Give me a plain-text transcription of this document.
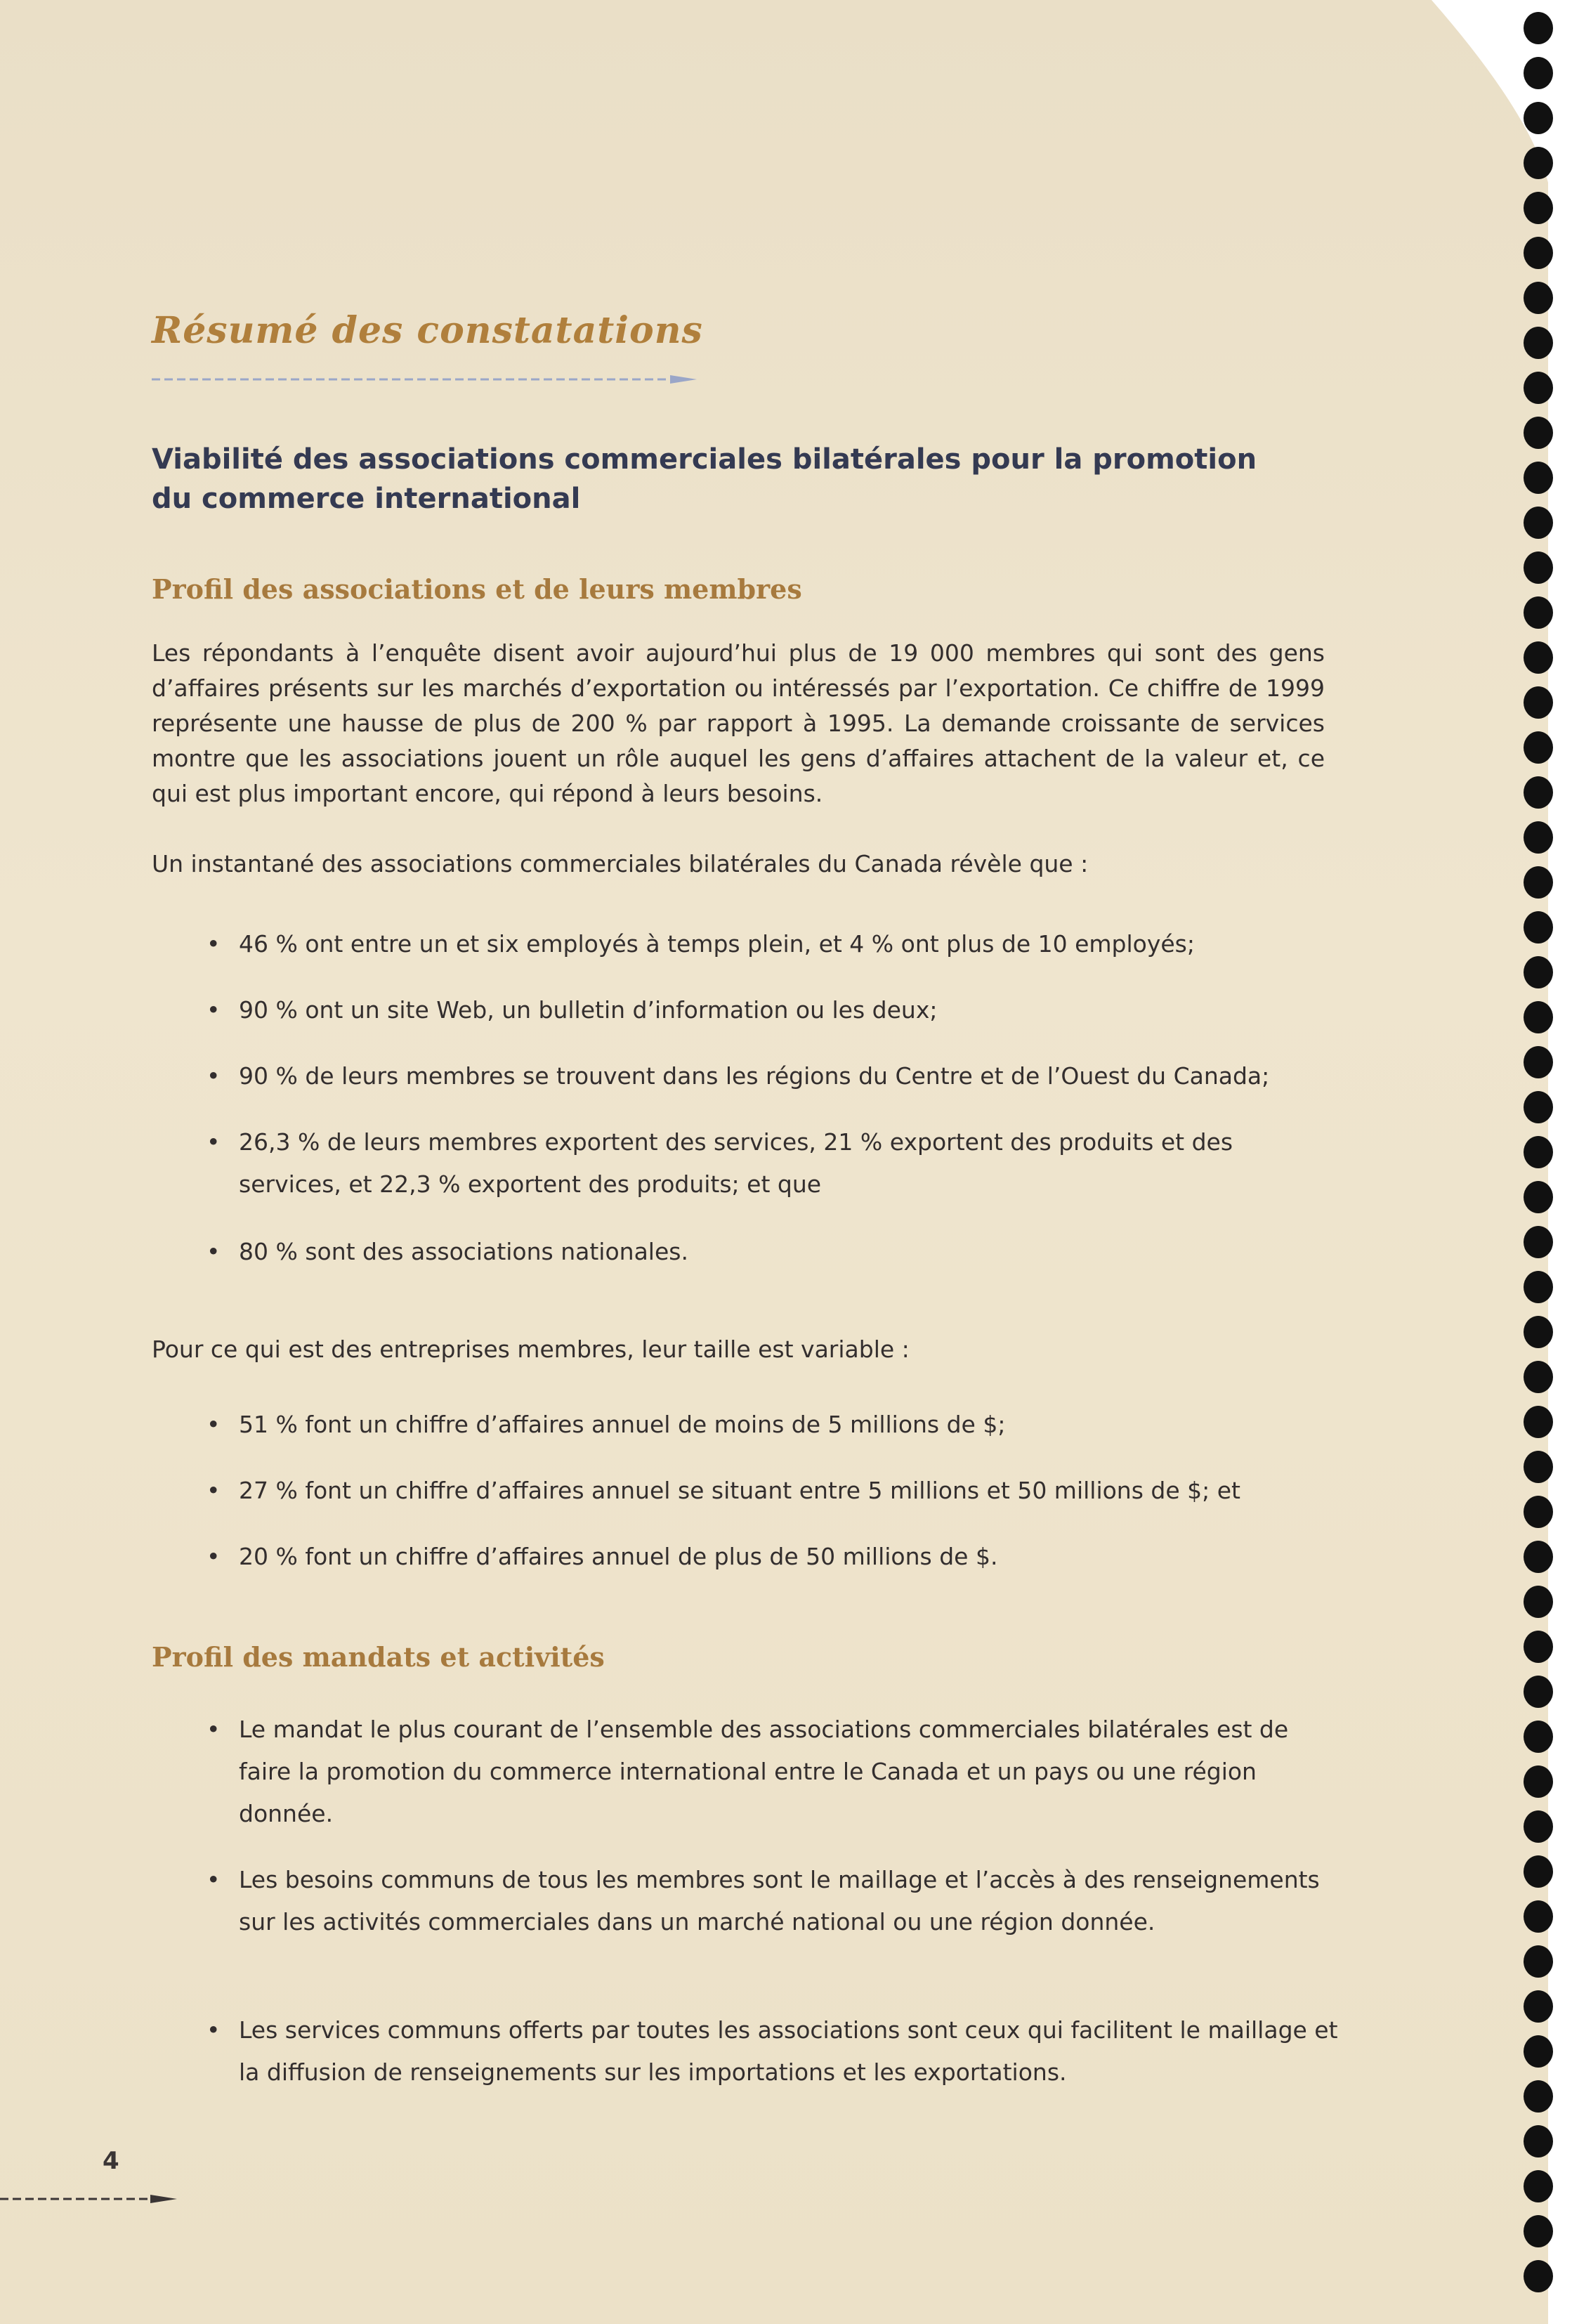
Résumé des constatations
Viabilité des associations commerciales bilatérales pour la promotion du commerce international
Profil des associations et de leurs membres

Les répondants à l’enquête disent avoir aujourd’hui plus de 19 000 membres qui sont des gens d’affaires présents sur les marchés d’exportation ou intéressés par l’exportation. Ce chiffre de 1999 représente une hausse de plus de 200 % par rapport à 1995. La demande croissante de services montre que les associations jouent un rôle auquel les gens d’affaires attachent de la valeur et, ce qui est plus important encore, qui répond à leurs besoins.

Un instantané des associations commerciales bilatérales du Canada révèle que :

• 46 % ont entre un et six employés à temps plein, et 4 % ont plus de 10 employés;
• 90 % ont un site Web, un bulletin d’information ou les deux;
• 90 % de leurs membres se trouvent dans les régions du Centre et de l’Ouest du Canada;
• 26,3 % de leurs membres exportent des services, 21 % exportent des produits et des services, et 22,3 % exportent des produits; et que
• 80 % sont des associations nationales.

Pour ce qui est des entreprises membres, leur taille est variable :

• 51 % font un chiffre d’affaires annuel de moins de 5 millions de $;
• 27 % font un chiffre d’affaires annuel se situant entre 5 millions et 50 millions de $; et
• 20 % font un chiffre d’affaires annuel de plus de 50 millions de $.
Profil des mandats et activités
• Le mandat le plus courant de l’ensemble des associations commerciales bilatérales est de faire la promotion du commerce international entre le Canada et un pays ou une région donnée.
• Les besoins communs de tous les membres sont le maillage et l’accès à des renseignements sur les activités commerciales dans un marché national ou une région donnée.
• Les services communs offerts par toutes les associations sont ceux qui facilitent le maillage et la diffusion de renseignements sur les importations et les exportations.
4
